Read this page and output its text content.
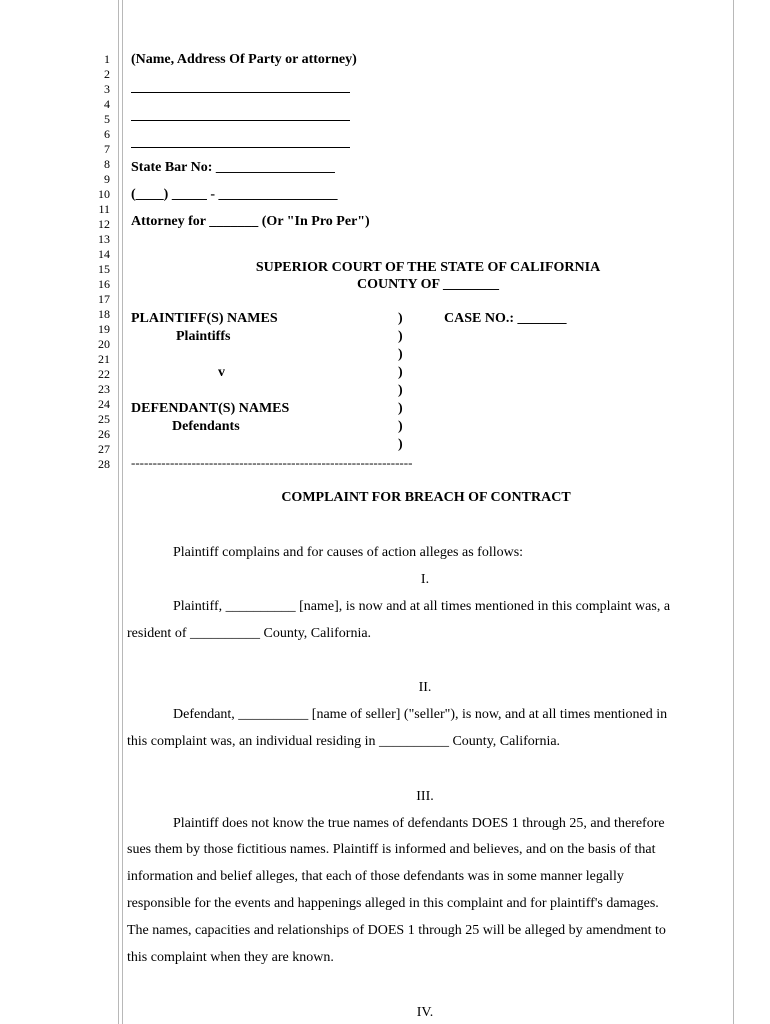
1
2
3
4
5
6
7
8
9
10
11
12
13
14
15
16
17
18
19
20
21
22
23
24
25
26
27
28
(Name, Address Of Party or attorney)
State Bar No: _________________
(____) _____ - _________________
Attorney for _______ (Or "In Pro Per")
SUPERIOR COURT OF THE STATE OF CALIFORNIA
COUNTY OF ________
PLAINTIFF(S) NAMES
Plaintiffs
v
DEFENDANT(S) NAMES
Defendants
)
)
)
)
)
)
)
)
CASE NO.: _______
-----------------------------------------------------------------
COMPLAINT FOR BREACH OF CONTRACT
Plaintiff complains and for causes of action alleges as follows:
I.
Plaintiff, __________ [name], is now and at all times mentioned in this complaint was, a
resident of __________ County, California.
II.
Defendant, __________ [name of seller] ("seller"), is now, and at all times mentioned in
this complaint was, an individual residing in __________ County, California.
III.
Plaintiff does not know the true names of defendants DOES 1 through 25, and therefore
sues them by those fictitious names. Plaintiff is informed and believes, and on the basis of that
information and belief alleges, that each of those defendants was in some manner legally
responsible for the events and happenings alleged in this complaint and for plaintiff's damages.
The names, capacities and relationships of DOES 1 through 25 will be alleged by amendment to
this complaint when they are known.
IV.
